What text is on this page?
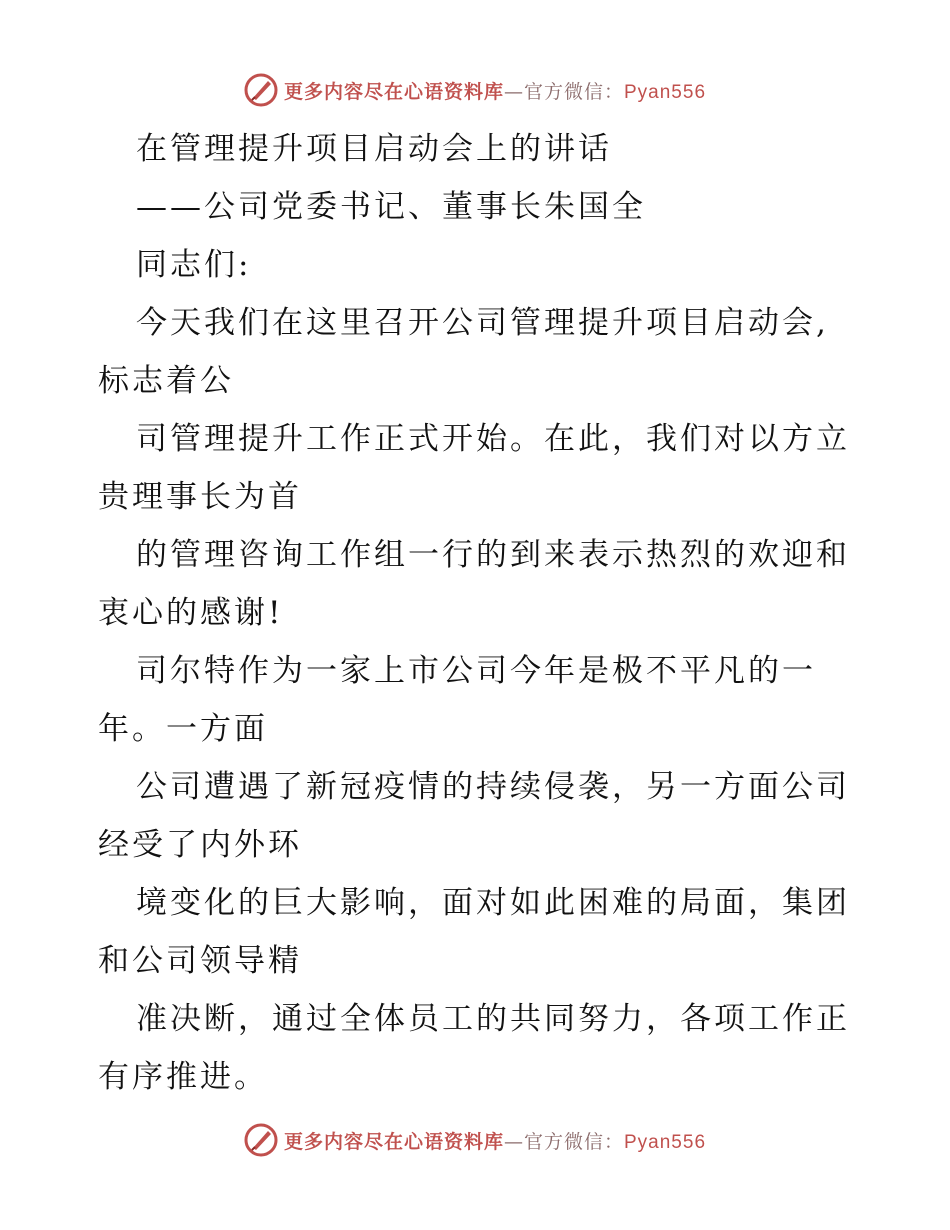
更多内容尽在心语资料库—官方微信：Pyan556
在管理提升项目启动会上的讲话
——公司党委书记、董事长朱国全
同志们:
今天我们在这里召开公司管理提升项目启动会,
标志着公
司管理提升工作正式开始。在此，我们对以方立
贵理事长为首
的管理咨询工作组一行的到来表示热烈的欢迎和
衷心的感谢!
司尔特作为一家上市公司今年是极不平凡的一
年。一方面
公司遭遇了新冠疫情的持续侵袭，另一方面公司
经受了内外环
境变化的巨大影响，面对如此困难的局面，集团
和公司领导精
准决断，通过全体员工的共同努力，各项工作正
有序推进。
更多内容尽在心语资料库—官方微信：Pyan556
